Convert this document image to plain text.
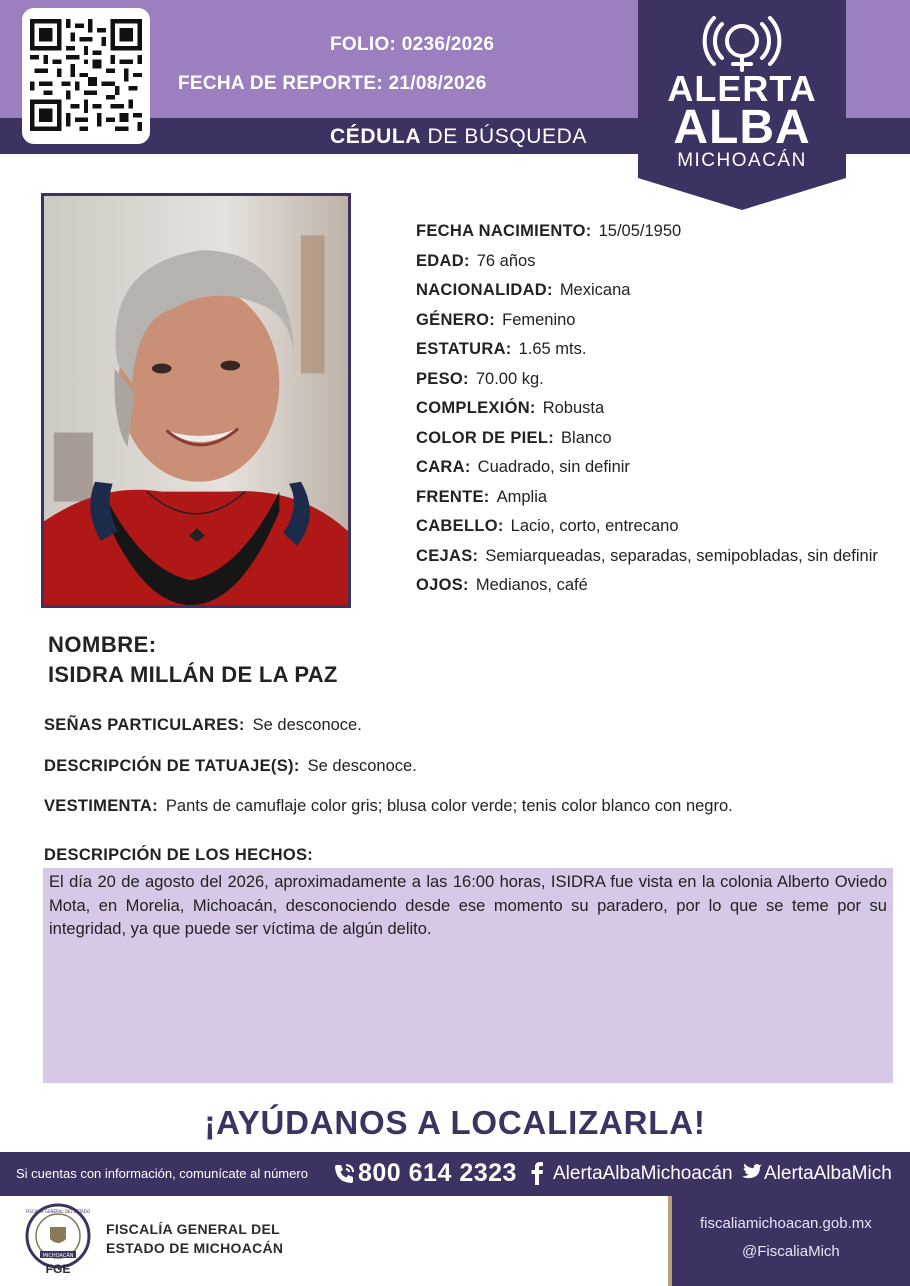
FOLIO: 0236/2026
FECHA DE REPORTE: 21/08/2026
CÉDULA DE BÚSQUEDA
ALERTA
ALBA
MICHOACÁN
FECHA NACIMIENTO: 15/05/1950
EDAD: 76 años
NACIONALIDAD: Mexicana
GÉNERO: Femenino
ESTATURA: 1.65 mts.
PESO: 70.00 kg.
COMPLEXIÓN: Robusta
COLOR DE PIEL: Blanco
CARA: Cuadrado, sin definir
FRENTE: Amplia
CABELLO: Lacio, corto, entrecano
CEJAS: Semiarqueadas, separadas, semipobladas, sin definir
OJOS: Medianos, café
NOMBRE:
ISIDRA MILLÁN DE LA PAZ
SEÑAS PARTICULARES: Se desconoce.
DESCRIPCIÓN DE TATUAJE(S): Se desconoce.
VESTIMENTA: Pants de camuflaje color gris; blusa color verde; tenis color blanco con negro.
DESCRIPCIÓN DE LOS HECHOS:
El día 20 de agosto del 2026, aproximadamente a las 16:00 horas, ISIDRA fue vista en la colonia Alberto Oviedo Mota, en Morelia, Michoacán, desconociendo desde ese momento su paradero, por lo que se teme por su integridad, ya que puede ser víctima de algún delito.
¡AYÚDANOS A LOCALIZARLA!
Si cuentas con información, comunícate al número 800 614 2323 AlertaAlbaMichoacán AlertaAlbaMich
MICHOACÁN
FGE
FISCALÍA GENERAL DEL ESTADO
FISCALÍA GENERAL DEL
ESTADO DE MICHOACÁN
fiscaliamichoacan.gob.mx
@FiscaliaMich
